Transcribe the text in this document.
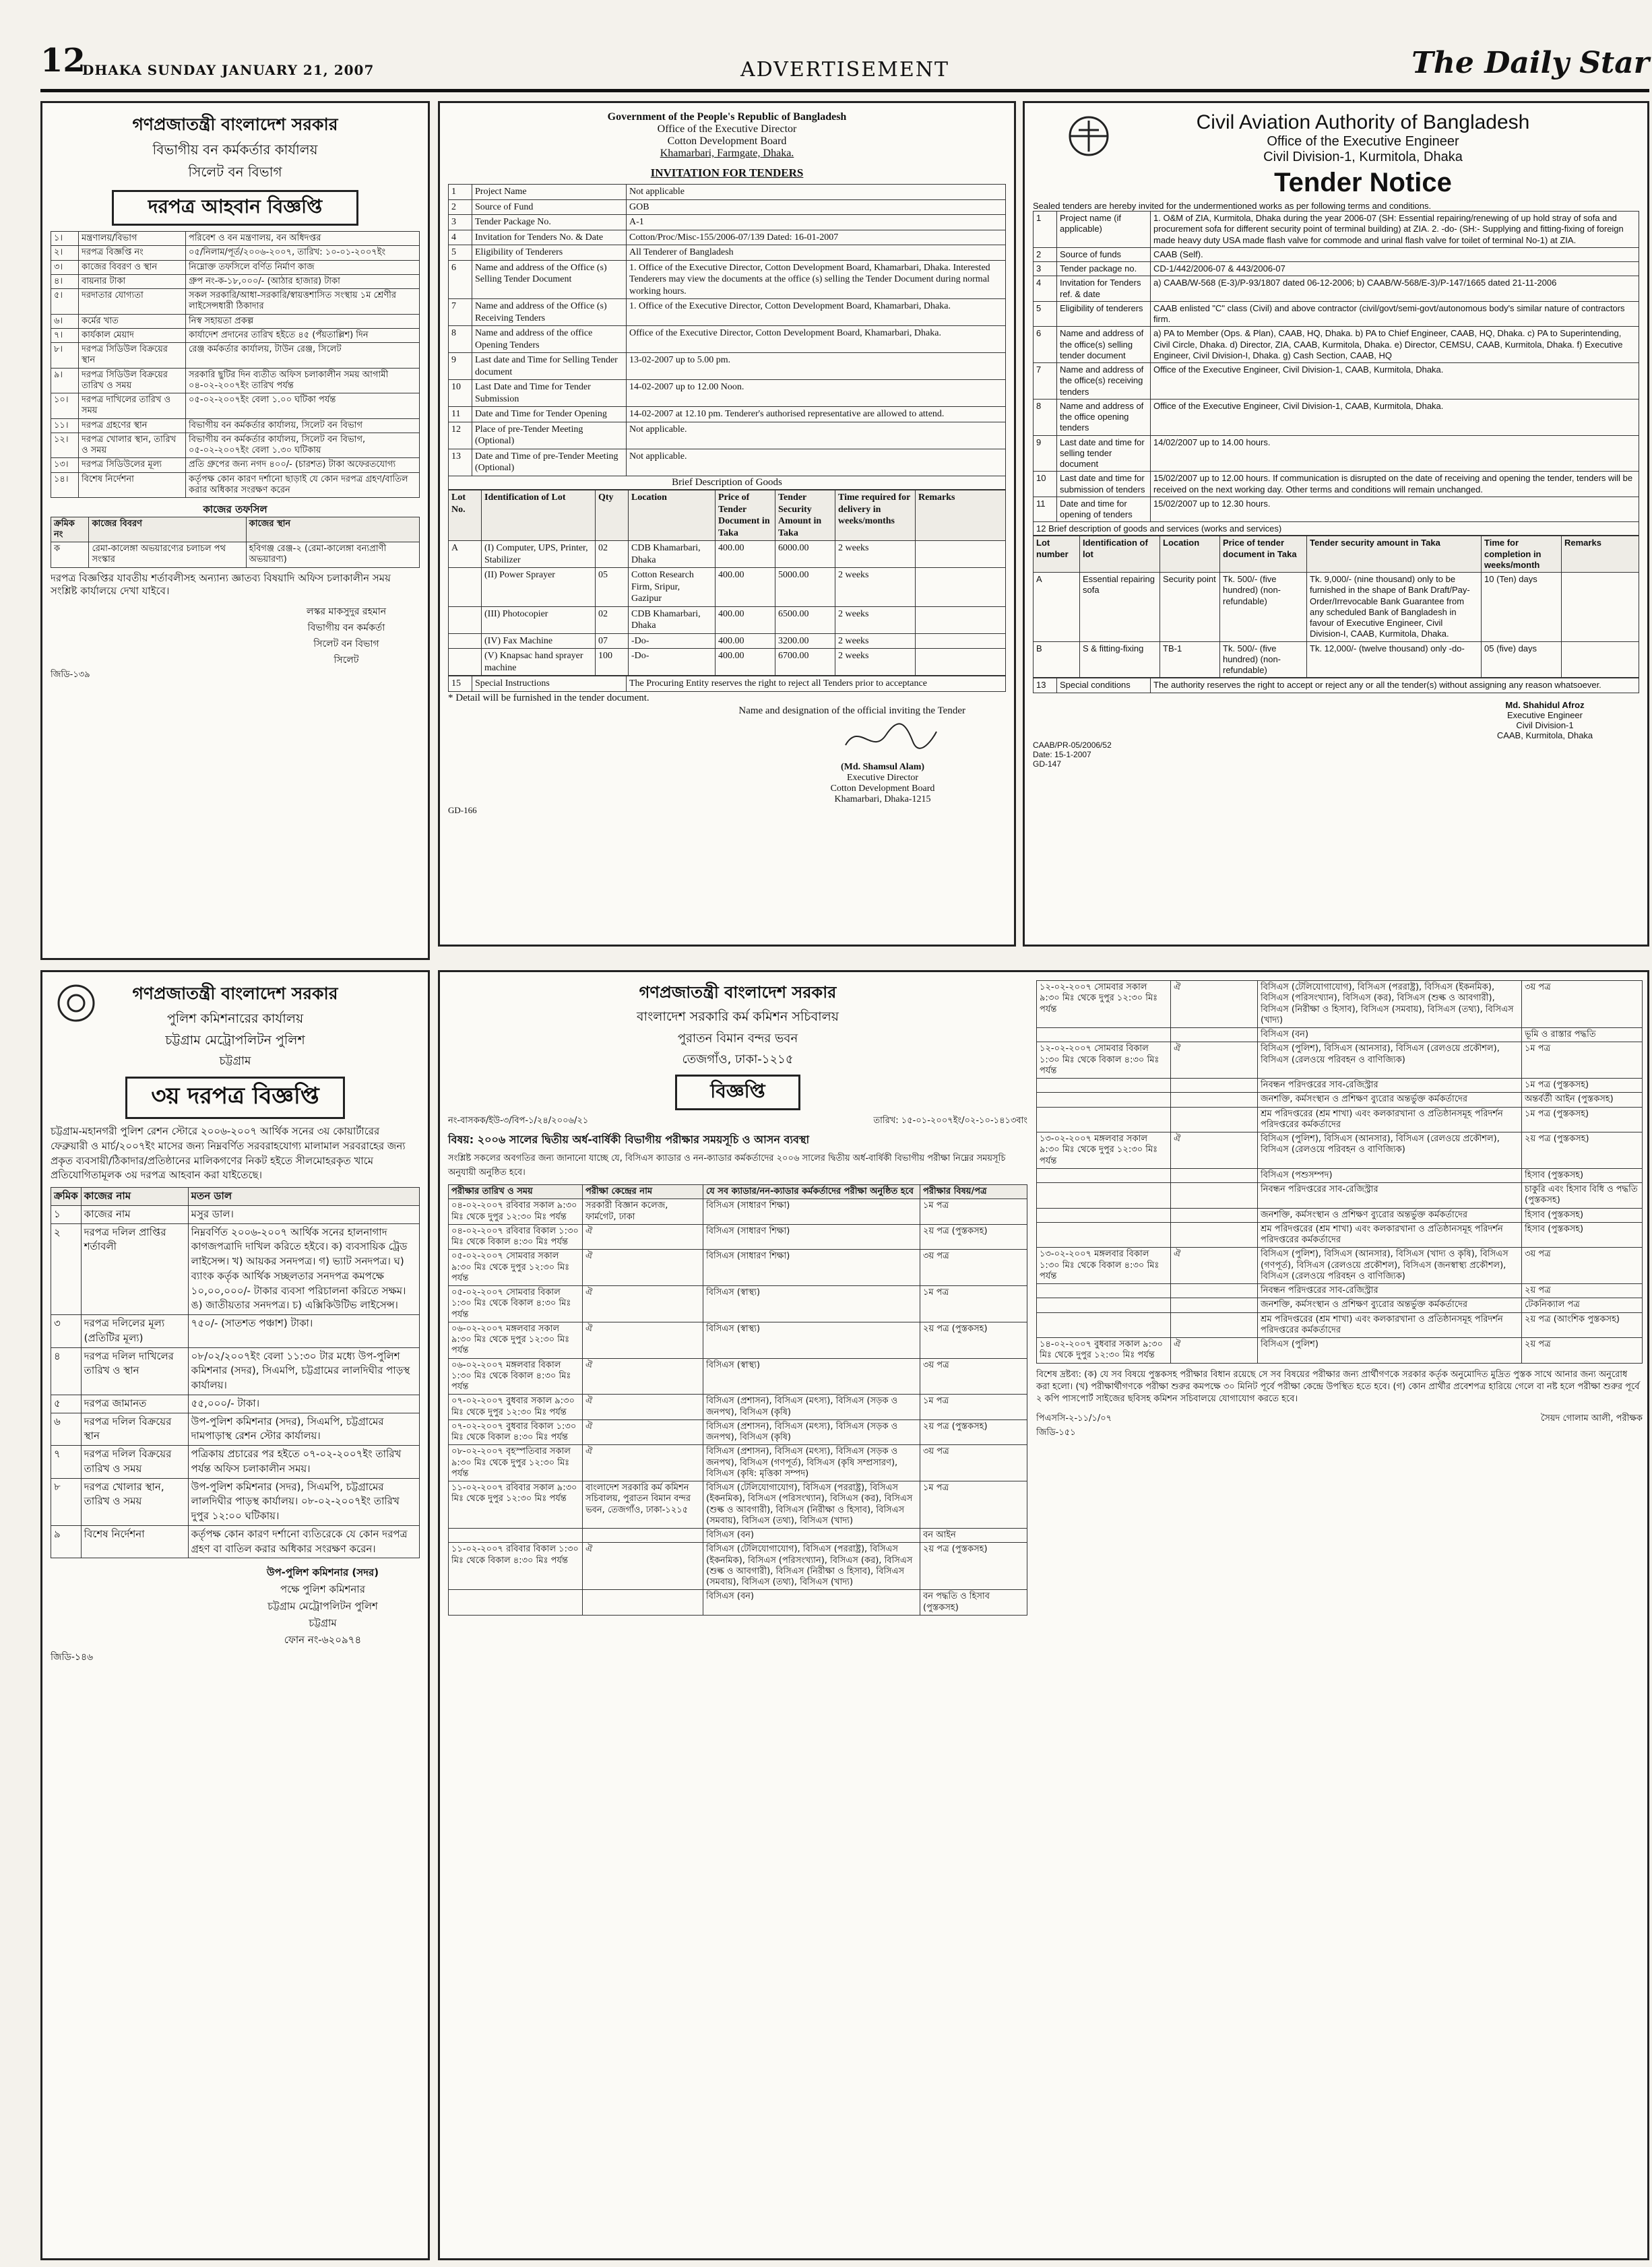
12
DHAKA SUNDAY JANUARY 21, 2007	ADVERTISEMENT	The Daily Star
গণপ্রজাতন্ত্রী বাংলাদেশ সরকার
বিভাগীয় বন কর্মকর্তার কার্যালয়
সিলেট বন বিভাগ
দরপত্র আহবান বিজ্ঞপ্তি
১।	মন্ত্রণালয়/বিভাগ	পরিবেশ ও বন মন্ত্রণালয়, বন অধিদপ্তর
২।	দরপত্র বিজ্ঞপ্তি নং	০৫/নিলাম/পূর্ত/২০০৬-২০০৭, তারিখ: ১০-০১-২০০৭ইং
৩।	কাজের বিবরণ ও স্থান	নিম্নোক্ত তফসিলে বর্ণিত নির্মাণ কাজ
৪।	বায়নার টাকা	গ্রুপ নং-ক-১৮,০০০/- (আঠার হাজার) টাকা
৫।	দরদাতার যোগ্যতা	সকল সরকারি/আধা-সরকারি/স্বায়ত্তশাসিত সংস্থায় ১ম শ্রেণীর লাইসেন্সধারী ঠিকাদার
৬।	কর্মের খাত	নিস্ব সহায়তা প্রকল্প
৭।	কার্যকাল মেয়াদ	কার্যাদেশ প্রদানের তারিখ হইতে ৪৫ (পঁয়তাল্লিশ) দিন
৮।	দরপত্র সিডিউল বিক্রয়ের স্থান	রেঞ্জ কর্মকর্তার কার্যালয়, টাউন রেঞ্জ, সিলেট
৯।	দরপত্র সিডিউল বিক্রয়ের তারিখ ও সময়	সরকারি ছুটির দিন ব্যতীত অফিস চলাকালীন সময় আগামী ০৪-০২-২০০৭ইং তারিখ পর্যন্ত
১০।	দরপত্র দাখিলের তারিখ ও সময়	০৫-০২-২০০৭ইং বেলা ১.০০ ঘটিকা পর্যন্ত
১১।	দরপত্র গ্রহণের স্থান	বিভাগীয় বন কর্মকর্তার কার্যালয়, সিলেট বন বিভাগ
১২।	দরপত্র খোলার স্থান, তারিখ ও সময়	বিভাগীয় বন কর্মকর্তার কার্যালয়, সিলেট বন বিভাগ, ০৫-০২-২০০৭ইং বেলা ১.৩০ ঘটিকায়
১৩।	দরপত্র সিডিউলের মূল্য	প্রতি গ্রুপের জন্য নগদ ৪০০/- (চারশত) টাকা অফেরতযোগ্য
১৪।	বিশেষ নির্দেশনা	কর্তৃপক্ষ কোন কারণ দর্শানো ছাড়াই যে কোন দরপত্র গ্রহণ/বাতিল করার অধিকার সংরক্ষণ করেন
কাজের তফসিল
ক্রমিক নং	কাজের বিবরণ	কাজের স্থান
ক	রেমা-কালেঙ্গা অভয়ারণ্যের চলাচল পথ সংস্কার	হবিগঞ্জ রেঞ্জ-২ (রেমা-কালেঙ্গা বন্যপ্রাণী অভয়ারণ্য)
দরপত্র বিজ্ঞপ্তির যাবতীয় শর্তাবলীসহ অন্যান্য জ্ঞাতব্য বিষয়াদি অফিস চলাকালীন সময় সংশ্লিষ্ট কার্যালয়ে দেখা যাইবে।
লস্কর মাকসুদুর রহমান
বিভাগীয় বন কর্মকর্তা
সিলেট বন বিভাগ
সিলেট
জিডি-১৩৯
Government of the People's Republic of Bangladesh
Office of the Executive Director
Cotton Development Board
Khamarbari, Farmgate, Dhaka.
INVITATION FOR TENDERS
1	Project Name	Not applicable
2	Source of Fund	GOB
3	Tender Package No.	A-1
4	Invitation for Tenders No. & Date	Cotton/Proc/Misc-155/2006-07/139 Dated: 16-01-2007
5	Eligibility of Tenderers	All Tenderer of Bangladesh
6	Name and address of the Office (s) Selling Tender Document	1. Office of the Executive Director, Cotton Development Board, Khamarbari, Dhaka. Interested Tenderers may view the documents at the office (s) selling the Tender Document during normal working hours.
7	Name and address of the Office (s) Receiving Tenders	1. Office of the Executive Director, Cotton Development Board, Khamarbari, Dhaka.
8	Name and address of the office Opening Tenders	Office of the Executive Director, Cotton Development Board, Khamarbari, Dhaka.
9	Last date and Time for Selling Tender document	13-02-2007 up to 5.00 pm.
10	Last Date and Time for Tender Submission	14-02-2007 up to 12.00 Noon.
11	Date and Time for Tender Opening	14-02-2007 at 12.10 pm. Tenderer's authorised representative are allowed to attend.
12	Place of pre-Tender Meeting (Optional)	Not applicable.
13	Date and Time of pre-Tender Meeting (Optional)	Not applicable.
Brief Description of Goods
Lot No.	Identification of Lot	Qty	Location	Price of Tender Document in Taka	Tender Security Amount in Taka	Time required for delivery in weeks/months	Remarks
A	(I) Computer, UPS, Printer, Stabilizer	02	CDB Khamarbari, Dhaka	400.00	6000.00	2 weeks	
	(II) Power Sprayer	05	Cotton Research Firm, Sripur, Gazipur	400.00	5000.00	2 weeks	
	(III) Photocopier	02	CDB Khamarbari, Dhaka	400.00	6500.00	2 weeks	
	(IV) Fax Machine	07	-Do-	400.00	3200.00	2 weeks	
	(V) Knapsac hand sprayer machine	100	-Do-	400.00	6700.00	2 weeks	
15	Special Instructions	The Procuring Entity reserves the right to reject all Tenders prior to acceptance
* Detail will be furnished in the tender document.
Name and designation of the official inviting the Tender
(Md. Shamsul Alam)
Executive Director
Cotton Development Board
Khamarbari, Dhaka-1215
GD-166
Civil Aviation Authority of Bangladesh
Office of the Executive Engineer
Civil Division-1, Kurmitola, Dhaka
Tender Notice
Sealed tenders are hereby invited for the undermentioned works as per following terms and conditions.
1	Project name (if applicable)	1. O&M of ZIA, Kurmitola, Dhaka during the year 2006-07 (SH: Essential repairing/renewing of up hold stray of sofa and procurement sofa for different security point of terminal building) at ZIA. 2. -do- (SH:- Supplying and fitting-fixing of foreign made heavy duty USA made flash valve for commode and urinal flash valve for toilet of terminal No-1) at ZIA.
2	Source of funds	CAAB (Self).
3	Tender package no.	CD-1/442/2006-07 & 443/2006-07
4	Invitation for Tenders ref. & date	a) CAAB/W-568 (E-3)/P-93/1807 dated 06-12-2006; b) CAAB/W-568/E-3)/P-147/1665 dated 21-11-2006
5	Eligibility of tenderers	CAAB enlisted "C" class (Civil) and above contractor (civil/govt/semi-govt/autonomous body's similar nature of contractors firm.
6	Name and address of the office(s) selling tender document	a) PA to Member (Ops. & Plan), CAAB, HQ, Dhaka. b) PA to Chief Engineer, CAAB, HQ, Dhaka. c) PA to Superintending, Civil Circle, Dhaka. d) Director, ZIA, CAAB, Kurmitola, Dhaka. e) Director, CEMSU, CAAB, Kurmitola, Dhaka. f) Executive Engineer, Civil Division-I, Dhaka. g) Cash Section, CAAB, HQ
7	Name and address of the office(s) receiving tenders	Office of the Executive Engineer, Civil Division-1, CAAB, Kurmitola, Dhaka.
8	Name and address of the office opening tenders	Office of the Executive Engineer, Civil Division-1, CAAB, Kurmitola, Dhaka.
9	Last date and time for selling tender document	14/02/2007 up to 14.00 hours.
10	Last date and time for submission of tenders	15/02/2007 up to 12.00 hours. If communication is disrupted on the date of receiving and opening the tender, tenders will be received on the next working day. Other terms and conditions will remain unchanged.
11	Date and time for opening of tenders	15/02/2007 up to 12.30 hours.
12 Brief description of goods and services (works and services)
Lot number	Identification of lot	Location	Price of tender document in Taka	Tender security amount in Taka	Time for completion in weeks/month	Remarks
A	Essential repairing sofa	Security point	Tk. 500/- (five hundred) (non-refundable)	Tk. 9,000/- (nine thousand) only to be furnished in the shape of Bank Draft/Pay-Order/Irrevocable Bank Guarantee from any scheduled Bank of Bangladesh in favour of Executive Engineer, Civil Division-I, CAAB, Kurmitola, Dhaka.	10 (Ten) days	
B	S & fitting-fixing	TB-1	Tk. 500/- (five hundred) (non-refundable)	Tk. 12,000/- (twelve thousand) only -do-	05 (five) days	
13	Special conditions	The authority reserves the right to accept or reject any or all the tender(s) without assigning any reason whatsoever.
Md. Shahidul Afroz
Executive Engineer
Civil Division-1
CAAB, Kurmitola, Dhaka
CAAB/PR-05/2006/52
Date: 15-1-2007
GD-147
গণপ্রজাতন্ত্রী বাংলাদেশ সরকার
পুলিশ কমিশনারের কার্যালয়
চট্টগ্রাম মেট্রোপলিটন পুলিশ
চট্টগ্রাম
৩য় দরপত্র বিজ্ঞপ্তি
চট্টগ্রাম-মহানগরী পুলিশ রেশন স্টোরে ২০০৬-২০০৭ আর্থিক সনের ৩য় কোয়ার্টারের ফেব্রুয়ারী ও মার্চ/২০০৭ইং মাসের জন্য নিম্নবর্ণিত সরবরাহযোগ্য মালামাল সরবরাহের জন্য প্রকৃত ব্যবসায়ী/ঠিকাদার/প্রতিষ্ঠানের মালিকগণের নিকট হইতে সীলমোহরকৃত খামে প্রতিযোগিতামূলক ৩য় দরপত্র আহবান করা যাইতেছে।
ক্রমিক	কাজের নাম	মতন ডাল
১	কাজের নাম	মসুর ডাল।
২	দরপত্র দলিল প্রাপ্তির শর্তাবলী	নিম্নবর্ণিত ২০০৬-২০০৭ আর্থিক সনের হালনাগাদ কাগজপত্রাদি দাখিল করিতে হইবে। ক) ব্যবসায়িক ট্রেড লাইসেন্স। খ) আয়কর সনদপত্র। গ) ভ্যাট সনদপত্র। ঘ) ব্যাংক কর্তৃক আর্থিক সচ্ছলতার সনদপত্র কমপক্ষে ১০,০০,০০০/- টাকার ব্যবসা পরিচালনা করিতে সক্ষম। ঙ) জাতীয়তার সনদপত্র। চ) এক্সিকিউটিভ লাইসেন্স।
৩	দরপত্র দলিলের মূল্য (প্রতিটির মূল্য)	৭৫০/- (সাতশত পঞ্চাশ) টাকা।
৪	দরপত্র দলিল দাখিলের তারিখ ও স্থান	০৮/০২/২০০৭ইং বেলা ১১:৩০ টার মধ্যে উপ-পুলিশ কমিশনার (সদর), সিএমপি, চট্টগ্রামের লালদিঘীর পাড়স্থ কার্যালয়।
৫	দরপত্র জামানত	৫৫,০০০/- টাকা।
৬	দরপত্র দলিল বিক্রয়ের স্থান	উপ-পুলিশ কমিশনার (সদর), সিএমপি, চট্টগ্রামের দামপাড়াস্থ রেশন স্টোর কার্যালয়।
৭	দরপত্র দলিল বিক্রয়ের তারিখ ও সময়	পত্রিকায় প্রচারের পর হইতে ০৭-০২-২০০৭ইং তারিখ পর্যন্ত অফিস চলাকালীন সময়।
৮	দরপত্র খোলার স্থান, তারিখ ও সময়	উপ-পুলিশ কমিশনার (সদর), সিএমপি, চট্টগ্রামের লালদিঘীর পাড়স্থ কার্যালয়। ০৮-০২-২০০৭ইং তারিখ দুপুর ১২:০০ ঘটিকায়।
৯	বিশেষ নির্দেশনা	কর্তৃপক্ষ কোন কারণ দর্শানো ব্যতিরেকে যে কোন দরপত্র গ্রহণ বা বাতিল করার অধিকার সংরক্ষণ করেন।
উপ-পুলিশ কমিশনার (সদর)
পক্ষে পুলিশ কমিশনার
চট্টগ্রাম মেট্রোপলিটন পুলিশ
চট্টগ্রাম
ফোন নং-৬২০৯৭৪
জিডি-১৪৬
গণপ্রজাতন্ত্রী বাংলাদেশ সরকার
বাংলাদেশ সরকারি কর্ম কমিশন সচিবালয়
পুরাতন বিমান বন্দর ভবন
তেজগাঁও, ঢাকা-১২১৫
বিজ্ঞপ্তি
নং-বাসকক/ইউ-৩/বিপ-১/২৪/২০০৬/২১	তারিখ: ১৫-০১-২০০৭ইং/০২-১০-১৪১৩বাং
বিষয়: ২০০৬ সালের দ্বিতীয় অর্ধ-বার্ষিকী বিভাগীয় পরীক্ষার সময়সূচি ও আসন ব্যবস্থা
সংশ্লিষ্ট সকলের অবগতির জন্য জানানো যাচ্ছে যে, বিসিএস ক্যাডার ও নন-ক্যাডার কর্মকর্তাদের ২০০৬ সালের দ্বিতীয় অর্ধ-বার্ষিকী বিভাগীয় পরীক্ষা নিম্নের সময়সূচি অনুযায়ী অনুষ্ঠিত হবে।
পরীক্ষার তারিখ ও সময়	পরীক্ষা কেন্দ্রের নাম	যে সব ক্যাডার/নন-ক্যাডার কর্মকর্তাদের পরীক্ষা অনুষ্ঠিত হবে	পরীক্ষার বিষয়/পত্র
০৪-০২-২০০৭ রবিবার সকাল ৯:৩০ মিঃ থেকে দুপুর ১২:৩০ মিঃ পর্যন্ত	সরকারী বিজ্ঞান কলেজ, ফার্মগেট, ঢাকা	বিসিএস (সাধারণ শিক্ষা)	১ম পত্র
০৪-০২-২০০৭ রবিবার বিকাল ১:৩০ মিঃ থেকে বিকাল ৪:৩০ মিঃ পর্যন্ত	ঐ	বিসিএস (সাধারণ শিক্ষা)	২য় পত্র (পুস্তকসহ)
০৫-০২-২০০৭ সোমবার সকাল ৯:৩০ মিঃ থেকে দুপুর ১২:৩০ মিঃ পর্যন্ত	ঐ	বিসিএস (সাধারণ শিক্ষা)	৩য় পত্র
০৫-০২-২০০৭ সোমবার বিকাল ১:৩০ মিঃ থেকে বিকাল ৪:৩০ মিঃ পর্যন্ত	ঐ	বিসিএস (স্বাস্থ্য)	১ম পত্র
০৬-০২-২০০৭ মঙ্গলবার সকাল ৯:৩০ মিঃ থেকে দুপুর ১২:৩০ মিঃ পর্যন্ত	ঐ	বিসিএস (স্বাস্থ্য)	২য় পত্র (পুস্তকসহ)
০৬-০২-২০০৭ মঙ্গলবার বিকাল ১:৩০ মিঃ থেকে বিকাল ৪:৩০ মিঃ পর্যন্ত	ঐ	বিসিএস (স্বাস্থ্য)	৩য় পত্র
০৭-০২-২০০৭ বুধবার সকাল ৯:৩০ মিঃ থেকে দুপুর ১২:৩০ মিঃ পর্যন্ত	ঐ	বিসিএস (প্রশাসন), বিসিএস (মৎস্য), বিসিএস (সড়ক ও জনপথ), বিসিএস (কৃষি)	১ম পত্র
০৭-০২-২০০৭ বুধবার বিকাল ১:৩০ মিঃ থেকে বিকাল ৪:৩০ মিঃ পর্যন্ত	ঐ	বিসিএস (প্রশাসন), বিসিএস (মৎস্য), বিসিএস (সড়ক ও জনপথ), বিসিএস (কৃষি)	২য় পত্র (পুস্তকসহ)
০৮-০২-২০০৭ বৃহস্পতিবার সকাল ৯:৩০ মিঃ থেকে দুপুর ১২:৩০ মিঃ পর্যন্ত	ঐ	বিসিএস (প্রশাসন), বিসিএস (মৎস্য), বিসিএস (সড়ক ও জনপথ), বিসিএস (গণপূর্ত), বিসিএস (কৃষি সম্প্রসারণ), বিসিএস (কৃষি: মৃত্তিকা সম্পদ)	৩য় পত্র
১১-০২-২০০৭ রবিবার সকাল ৯:৩০ মিঃ থেকে দুপুর ১২:৩০ মিঃ পর্যন্ত	বাংলাদেশ সরকারি কর্ম কমিশন সচিবালয়, পুরাতন বিমান বন্দর ভবন, তেজগাঁও, ঢাকা-১২১৫	বিসিএস (টেলিযোগাযোগ), বিসিএস (পররাষ্ট্র), বিসিএস (ইকনমিক), বিসিএস (পরিসংখ্যান), বিসিএস (কর), বিসিএস (শুল্ক ও আবগারী), বিসিএস (নিরীক্ষা ও হিসাব), বিসিএস (সমবায়), বিসিএস (তথ্য), বিসিএস (খাদ্য)	১ম পত্র
		বিসিএস (বন)	বন আইন
১১-০২-২০০৭ রবিবার বিকাল ১:৩০ মিঃ থেকে বিকাল ৪:৩০ মিঃ পর্যন্ত	ঐ	বিসিএস (টেলিযোগাযোগ), বিসিএস (পররাষ্ট্র), বিসিএস (ইকনমিক), বিসিএস (পরিসংখ্যান), বিসিএস (কর), বিসিএস (শুল্ক ও আবগারী), বিসিএস (নিরীক্ষা ও হিসাব), বিসিএস (সমবায়), বিসিএস (তথ্য), বিসিএস (খাদ্য)	২য় পত্র (পুস্তকসহ)
		বিসিএস (বন)	বন পদ্ধতি ও হিসাব (পুস্তকসহ)
১২-০২-২০০৭ সোমবার সকাল ৯:৩০ মিঃ থেকে দুপুর ১২:৩০ মিঃ পর্যন্ত	ঐ	বিসিএস (টেলিযোগাযোগ), বিসিএস (পররাষ্ট্র), বিসিএস (ইকনমিক), বিসিএস (পরিসংখ্যান), বিসিএস (কর), বিসিএস (শুল্ক ও আবগারী), বিসিএস (নিরীক্ষা ও হিসাব), বিসিএস (সমবায়), বিসিএস (তথ্য), বিসিএস (খাদ্য)	৩য় পত্র
		বিসিএস (বন)	ভূমি ও রাস্তার পদ্ধতি
১২-০২-২০০৭ সোমবার বিকাল ১:৩০ মিঃ থেকে বিকাল ৪:৩০ মিঃ পর্যন্ত	ঐ	বিসিএস (পুলিশ), বিসিএস (আনসার), বিসিএস (রেলওয়ে প্রকৌশল), বিসিএস (রেলওয়ে পরিবহন ও বাণিজ্যিক)	১ম পত্র
		নিবন্ধন পরিদপ্তরের সাব-রেজিস্ট্রার	১ম পত্র (পুস্তকসহ)
		জনশক্তি, কর্মসংস্থান ও প্রশিক্ষণ ব্যুরোর অন্তর্ভুক্ত কর্মকর্তাদের	অন্তর্বর্তী আইন (পুস্তকসহ)
		শ্রম পরিদপ্তরের (শ্রম শাখা) এবং কলকারখানা ও প্রতিষ্ঠানসমূহ পরিদর্শন পরিদপ্তরের কর্মকর্তাদের	১ম পত্র (পুস্তকসহ)
১৩-০২-২০০৭ মঙ্গলবার সকাল ৯:৩০ মিঃ থেকে দুপুর ১২:৩০ মিঃ পর্যন্ত	ঐ	বিসিএস (পুলিশ), বিসিএস (আনসার), বিসিএস (রেলওয়ে প্রকৌশল), বিসিএস (রেলওয়ে পরিবহন ও বাণিজ্যিক)	২য় পত্র (পুস্তকসহ)
		বিসিএস (পশুসম্পদ)	হিসাব (পুস্তকসহ)
		নিবন্ধন পরিদপ্তরের সাব-রেজিস্ট্রার	চাকুরি এবং হিসাব বিধি ও পদ্ধতি (পুস্তকসহ)
		জনশক্তি, কর্মসংস্থান ও প্রশিক্ষণ ব্যুরোর অন্তর্ভুক্ত কর্মকর্তাদের	হিসাব (পুস্তকসহ)
		শ্রম পরিদপ্তরের (শ্রম শাখা) এবং কলকারখানা ও প্রতিষ্ঠানসমূহ পরিদর্শন পরিদপ্তরের কর্মকর্তাদের	হিসাব (পুস্তকসহ)
১৩-০২-২০০৭ মঙ্গলবার বিকাল ১:৩০ মিঃ থেকে বিকাল ৪:৩০ মিঃ পর্যন্ত	ঐ	বিসিএস (পুলিশ), বিসিএস (আনসার), বিসিএস (খাদ্য ও কৃষি), বিসিএস (গণপূর্ত), বিসিএস (রেলওয়ে প্রকৌশল), বিসিএস (জনস্বাস্থ্য প্রকৌশল), বিসিএস (রেলওয়ে পরিবহন ও বাণিজ্যিক)	৩য় পত্র
		নিবন্ধন পরিদপ্তরের সাব-রেজিস্ট্রার	২য় পত্র
		জনশক্তি, কর্মসংস্থান ও প্রশিক্ষণ ব্যুরোর অন্তর্ভুক্ত কর্মকর্তাদের	টেকনিক্যাল পত্র
		শ্রম পরিদপ্তরের (শ্রম শাখা) এবং কলকারখানা ও প্রতিষ্ঠানসমূহ পরিদর্শন পরিদপ্তরের কর্মকর্তাদের	২য় পত্র (আংশিক পুস্তকসহ)
১৪-০২-২০০৭ বুধবার সকাল ৯:৩০ মিঃ থেকে দুপুর ১২:৩০ মিঃ পর্যন্ত	ঐ	বিসিএস (পুলিশ)	২য় পত্র
বিশেষ দ্রষ্টব্য: (ক) যে সব বিষয়ে পুস্তকসহ পরীক্ষার বিধান রয়েছে সে সব বিষয়ের পরীক্ষার জন্য প্রার্থীগণকে সরকার কর্তৃক অনুমোদিত মুদ্রিত পুস্তক সাথে আনার জন্য অনুরোধ করা হলো। (খ) পরীক্ষার্থীগণকে পরীক্ষা শুরুর কমপক্ষে ৩০ মিনিট পূর্বে পরীক্ষা কেন্দ্রে উপস্থিত হতে হবে। (গ) কোন প্রার্থীর প্রবেশপত্র হারিয়ে গেলে বা নষ্ট হলে পরীক্ষা শুরুর পূর্বে ২ কপি পাসপোর্ট সাইজের ছবিসহ কমিশন সচিবালয়ে যোগাযোগ করতে হবে।
পিএসসি-২-১১/১/০৭
জিডি-১৫১
সৈয়দ গোলাম আলী, পরীক্ষক
